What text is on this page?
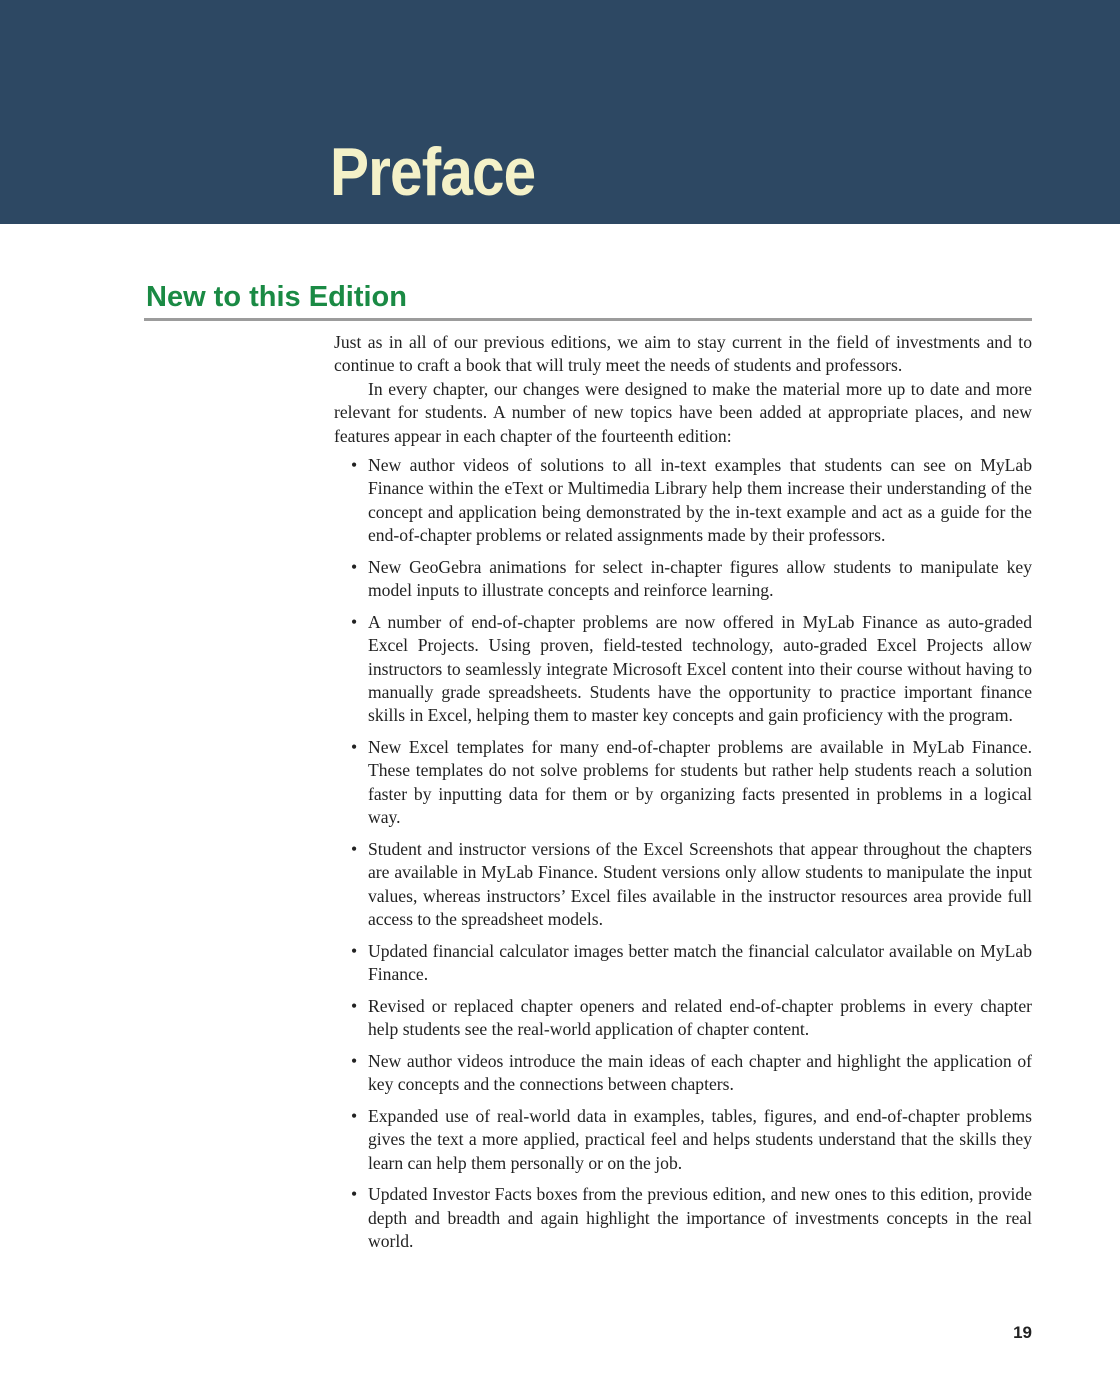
Preface
New to this Edition

Just as in all of our previous editions, we aim to stay current in the field of investments and to continue to craft a book that will truly meet the needs of students and professors.

In every chapter, our changes were designed to make the material more up to date and more relevant for students. A number of new topics have been added at appropriate places, and new features appear in each chapter of the fourteenth edition:

• New author videos of solutions to all in-text examples that students can see on MyLab Finance within the eText or Multimedia Library help them increase their understanding of the concept and application being demonstrated by the in-text example and act as a guide for the end-of-chapter problems or related assignments made by their professors.
• New GeoGebra animations for select in-chapter figures allow students to manipulate key model inputs to illustrate concepts and reinforce learning.
• A number of end-of-chapter problems are now offered in MyLab Finance as auto-graded Excel Projects. Using proven, field-tested technology, auto-graded Excel Projects allow instructors to seamlessly integrate Microsoft Excel content into their course without having to manually grade spreadsheets. Students have the opportunity to practice important finance skills in Excel, helping them to master key concepts and gain proficiency with the program.
• New Excel templates for many end-of-chapter problems are available in MyLab Finance. These templates do not solve problems for students but rather help students reach a solution faster by inputting data for them or by organizing facts presented in problems in a logical way.
• Student and instructor versions of the Excel Screenshots that appear throughout the chapters are available in MyLab Finance. Student versions only allow students to manipulate the input values, whereas instructors’ Excel files available in the instructor resources area provide full access to the spreadsheet models.
• Updated financial calculator images better match the financial calculator available on MyLab Finance.
• Revised or replaced chapter openers and related end-of-chapter problems in every chapter help students see the real-world application of chapter content.
• New author videos introduce the main ideas of each chapter and highlight the application of key concepts and the connections between chapters.
• Expanded use of real-world data in examples, tables, figures, and end-of-chapter problems gives the text a more applied, practical feel and helps students understand that the skills they learn can help them personally or on the job.
• Updated Investor Facts boxes from the previous edition, and new ones to this edition, provide depth and breadth and again highlight the importance of investments concepts in the real world.
19
